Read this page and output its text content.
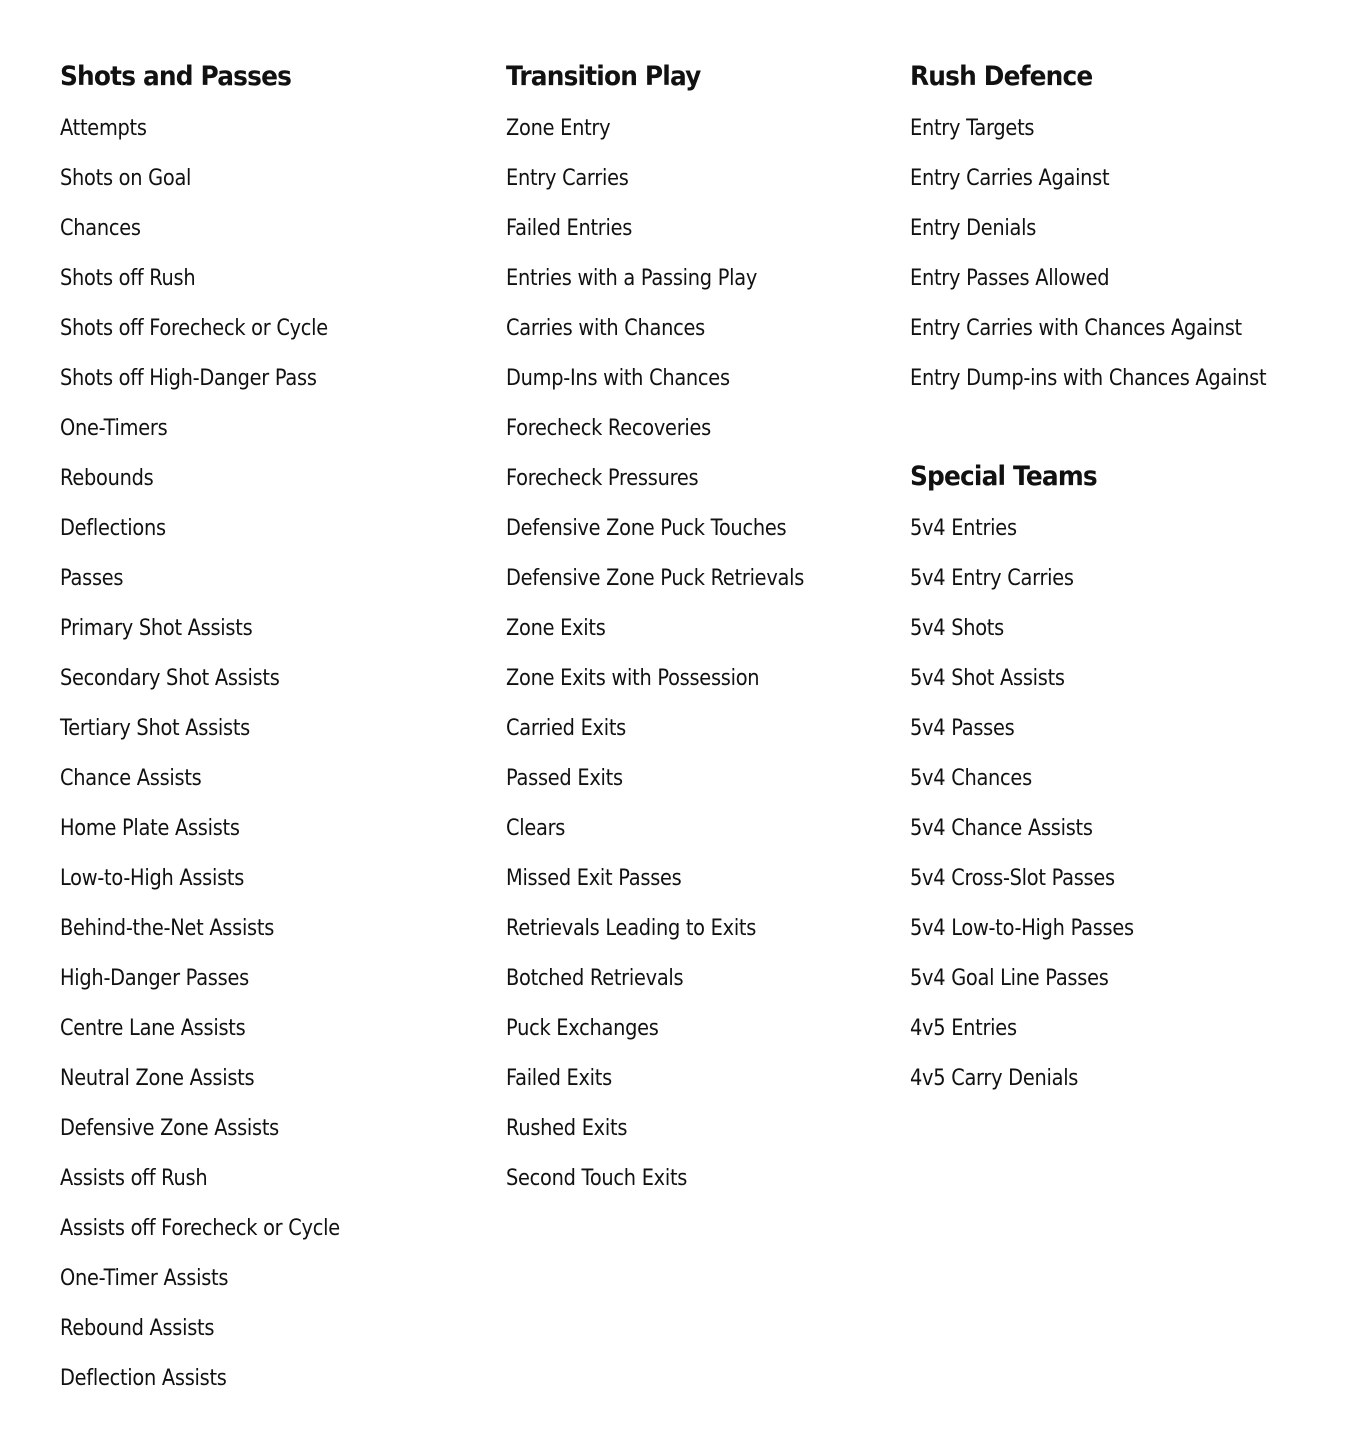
Shots and Passes
Attempts
Shots on Goal
Chances
Shots off Rush
Shots off Forecheck or Cycle
Shots off High-Danger Pass
One-Timers
Rebounds
Deflections
Passes
Primary Shot Assists
Secondary Shot Assists
Tertiary Shot Assists
Chance Assists
Home Plate Assists
Low-to-High Assists
Behind-the-Net Assists
High-Danger Passes
Centre Lane Assists
Neutral Zone Assists
Defensive Zone Assists
Assists off Rush
Assists off Forecheck or Cycle
One-Timer Assists
Rebound Assists
Deflection Assists
Transition Play
Zone Entry
Entry Carries
Failed Entries
Entries with a Passing Play
Carries with Chances
Dump-Ins with Chances
Forecheck Recoveries
Forecheck Pressures
Defensive Zone Puck Touches
Defensive Zone Puck Retrievals
Zone Exits
Zone Exits with Possession
Carried Exits
Passed Exits
Clears
Missed Exit Passes
Retrievals Leading to Exits
Botched Retrievals
Puck Exchanges
Failed Exits
Rushed Exits
Second Touch Exits
Rush Defence
Entry Targets
Entry Carries Against
Entry Denials
Entry Passes Allowed
Entry Carries with Chances Against
Entry Dump-ins with Chances Against
Special Teams
5v4 Entries
5v4 Entry Carries
5v4 Shots
5v4 Shot Assists
5v4 Passes
5v4 Chances
5v4 Chance Assists
5v4 Cross-Slot Passes
5v4 Low-to-High Passes
5v4 Goal Line Passes
4v5 Entries
4v5 Carry Denials
